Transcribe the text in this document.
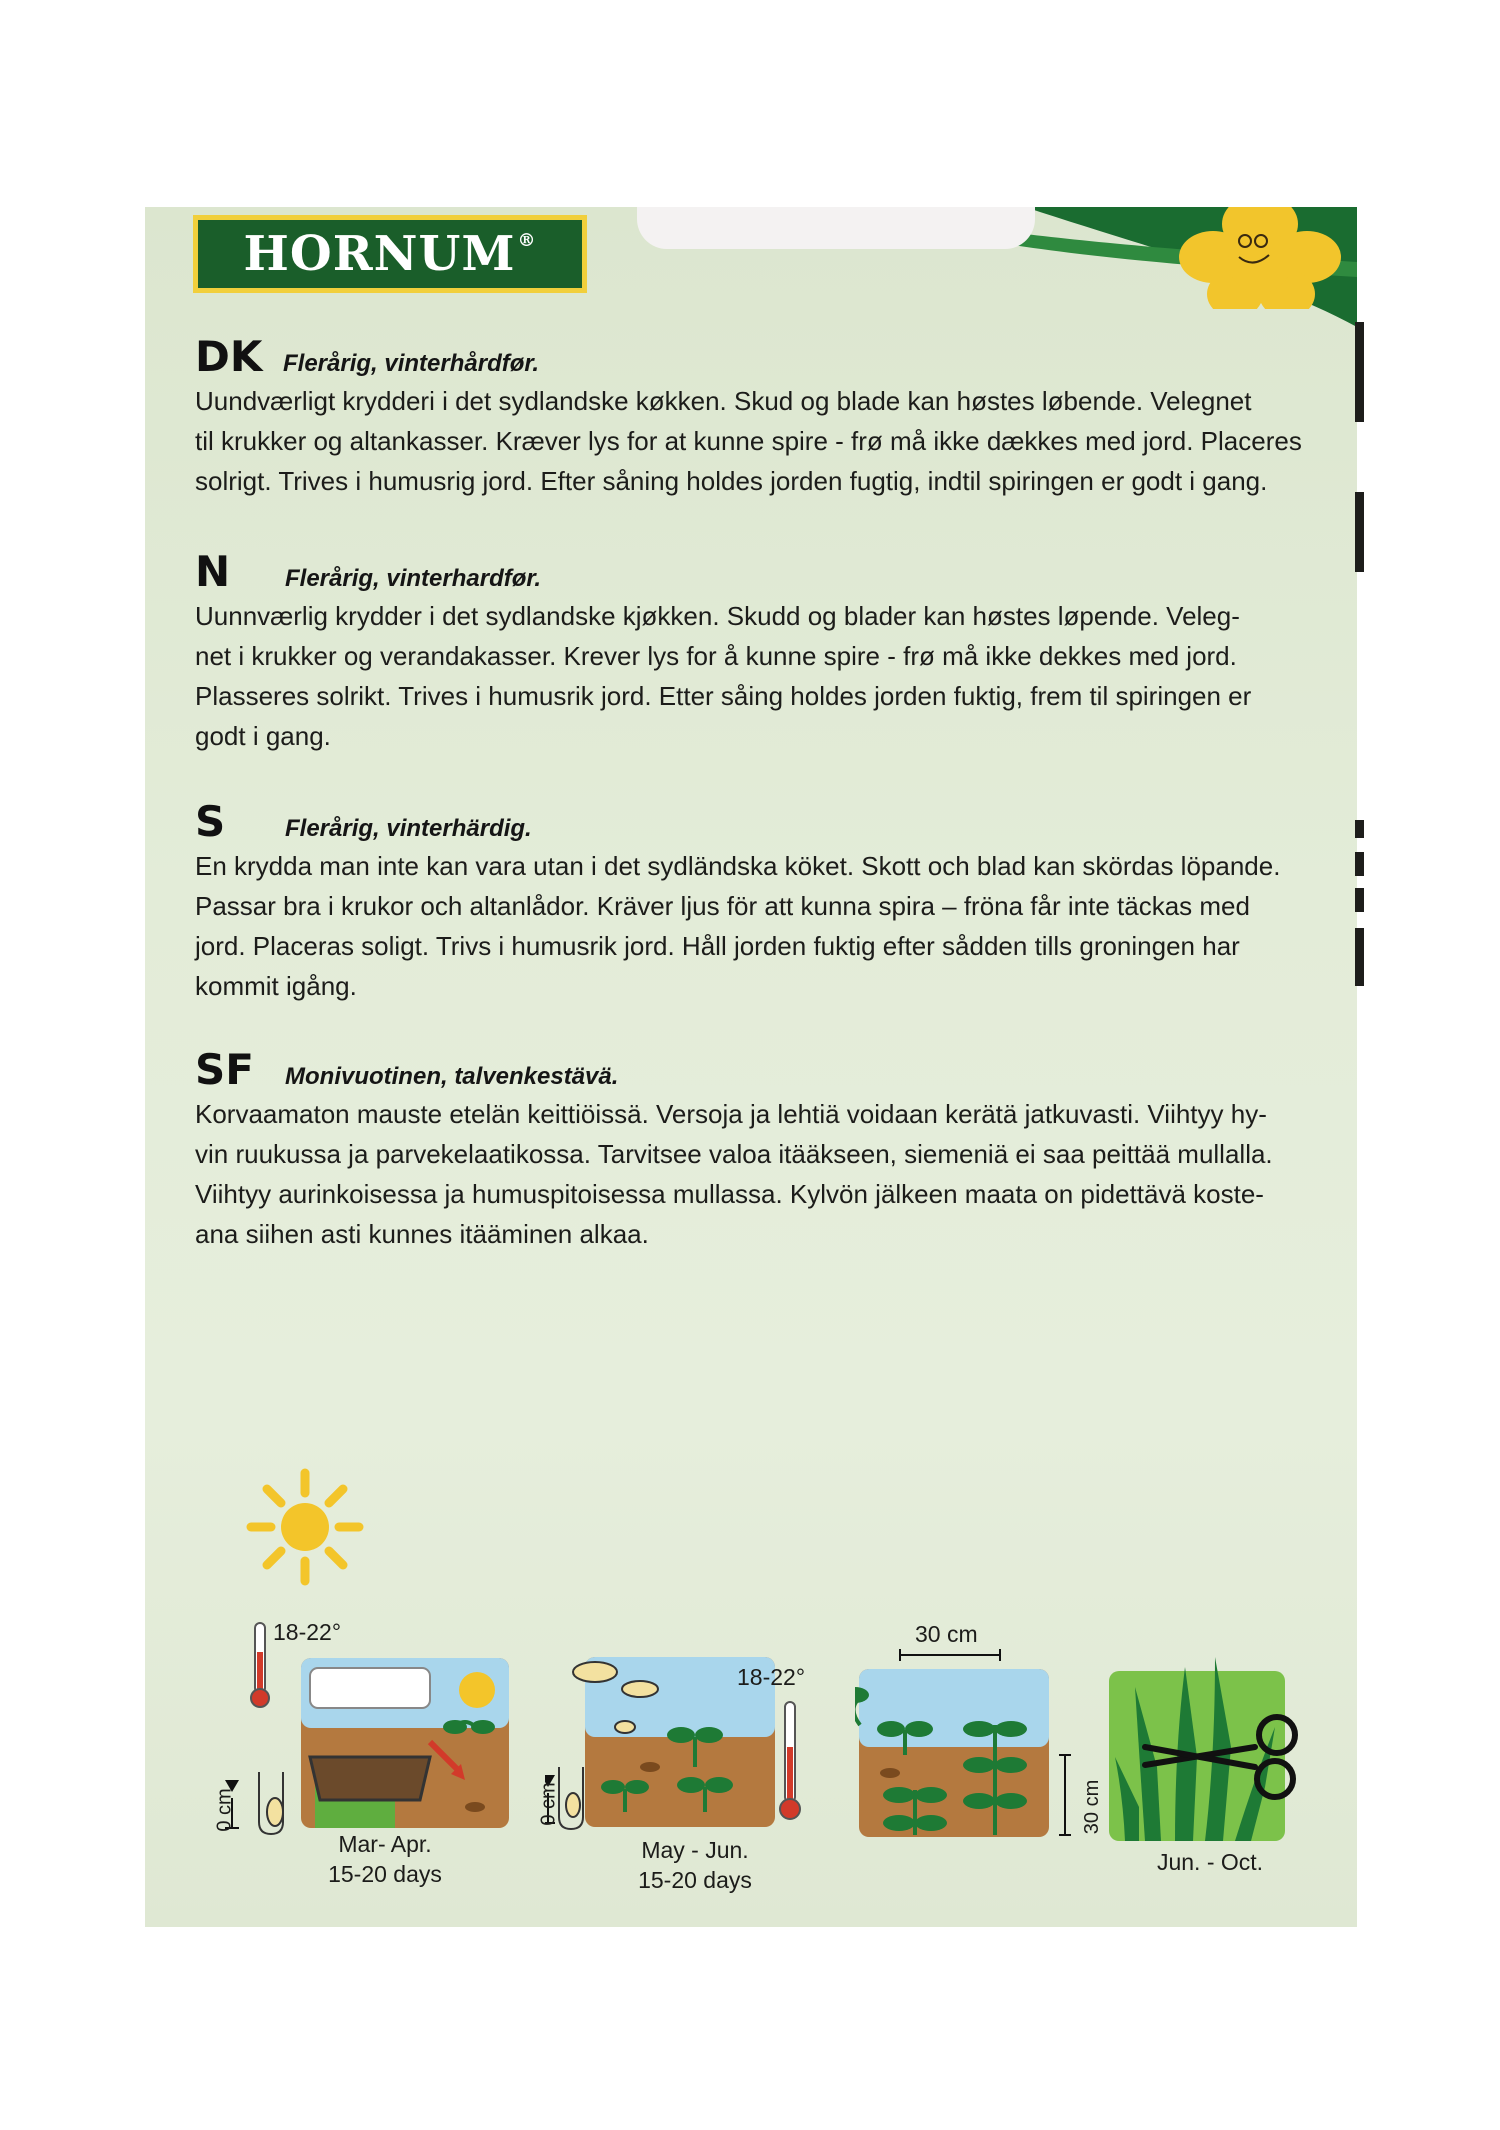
HORNUM®
DK Flerårig, vinterhårdfør.

Uundværligt krydderi i det sydlandske køkken. Skud og blade kan høstes løbende. Velegnet
til krukker og altankasser. Kræver lys for at kunne spire - frø må ikke dækkes med jord. Placeres
solrigt. Trives i humusrig jord. Efter såning holdes jorden fugtig, indtil spiringen er godt i gang.

N	Flerårig, vinterhardfør.

Uunnværlig krydder i det sydlandske kjøkken. Skudd og blader kan høstes løpende. Veleg-
net i krukker og verandakasser. Krever lys for å kunne spire - frø må ikke dekkes med jord.
Plasseres solrikt. Trives i humusrik jord. Etter såing holdes jorden fuktig, frem til spiringen er
godt i gang.

S	Flerårig, vinterhärdig.

En krydda man inte kan vara utan i det sydländska köket. Skott och blad kan skördas löpande.
Passar bra i krukor och altanlådor. Kräver ljus för att kunna spira – fröna får inte täckas med
jord. Placeras soligt. Trivs i humusrik jord. Håll jorden fuktig efter sådden tills groningen har
kommit igång.

SF	Monivuotinen, talvenkestävä.

Korvaamaton mauste etelän keittiöissä. Versoja ja lehtiä voidaan kerätä jatkuvasti. Viihtyy hy-
vin ruukussa ja parvekelaatikossa. Tarvitsee valoa itääkseen, siemeniä ei saa peittää mullalla.
Viihtyy aurinkoisessa ja humuspitoisessa mullassa. Kylvön jälkeen maata on pidettävä koste-
ana siihen asti kunnes itääminen alkaa.

18-22°
0 cm
Mar- Apr.
15-20 days
18-22°
0 cm
May - Jun.
15-20 days
30 cm
30 cm
Jun. - Oct.
